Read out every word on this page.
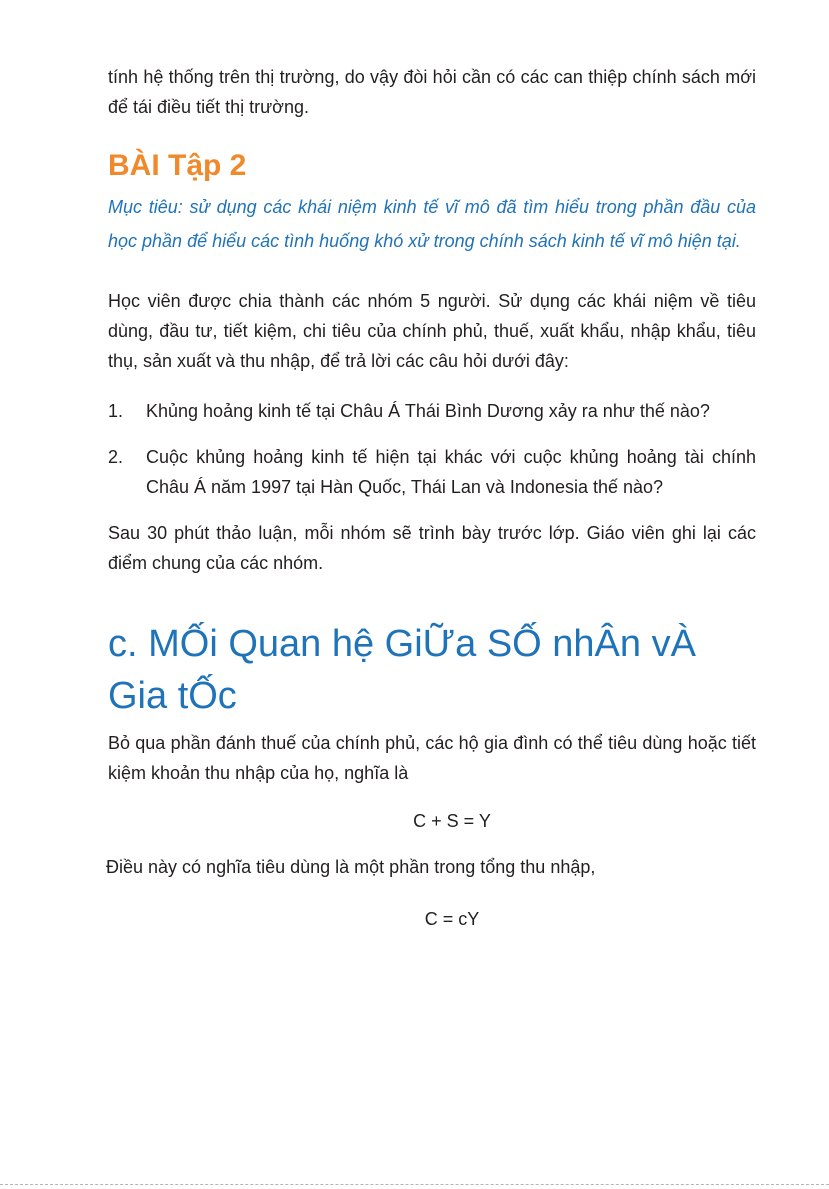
tính hệ thống trên thị trường, do vậy đòi hỏi cần có các can thiệp chính sách mới để tái điều tiết thị trường.

BÀI Tập 2

Mục tiêu: sử dụng các khái niệm kinh tế vĩ mô đã tìm hiểu trong phần đầu của học phần để hiểu các tình huống khó xử trong chính sách kinh tế vĩ mô hiện tại.

Học viên được chia thành các nhóm 5 người. Sử dụng các khái niệm về tiêu dùng, đầu tư, tiết kiệm, chi tiêu của chính phủ, thuế, xuất khẩu, nhập khẩu, tiêu thụ, sản xuất và thu nhập, để trả lời các câu hỏi dưới đây:

1.	Khủng hoảng kinh tế tại Châu Á Thái Bình Dương xảy ra như thế nào?
2.	Cuộc khủng hoảng kinh tế hiện tại khác với cuộc khủng hoảng tài chính Châu Á năm 1997 tại Hàn Quốc, Thái Lan và Indonesia thế nào?

Sau 30 phút thảo luận, mỗi nhóm sẽ trình bày trước lớp. Giáo viên ghi lại các điểm chung của các nhóm.

c. MỐi Quan hệ GiỮa SỐ nhÂn vÀ Gia tỐc

Bỏ qua phần đánh thuế của chính phủ, các hộ gia đình có thể tiêu dùng hoặc tiết kiệm khoản thu nhập của họ, nghĩa là

C + S = Y

Điều này có nghĩa tiêu dùng là một phần trong tổng thu nhập,

C = cY
